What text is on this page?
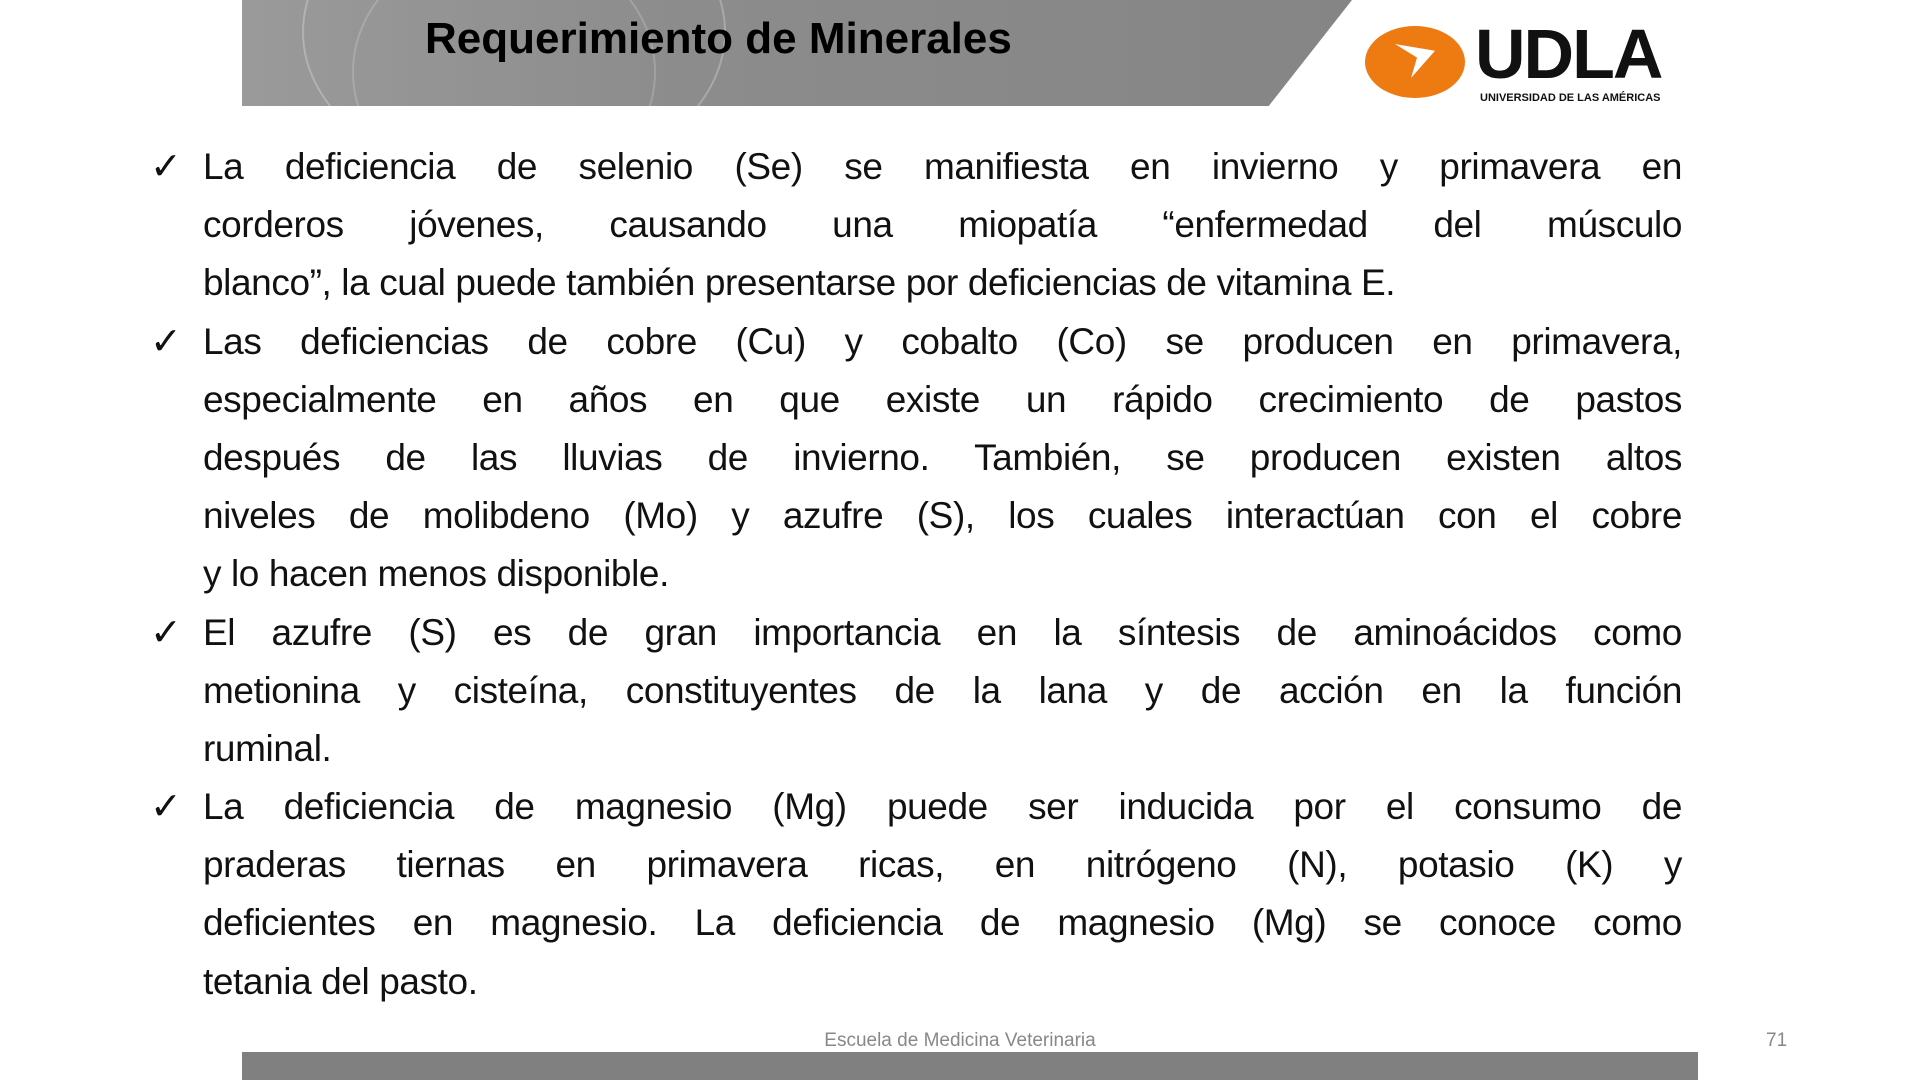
Requerimiento de Minerales	UDLA
UNIVERSIDAD DE LAS AMÉRICAS
✓ La deficiencia de selenio (Se) se manifiesta en invierno y primavera en
corderos jóvenes, causando una miopatía “enfermedad del músculo
blanco”, la cual puede también presentarse por deficiencias de vitamina E.
✓ Las deficiencias de cobre (Cu) y cobalto (Co) se producen en primavera,
especialmente en años en que existe un rápido crecimiento de pastos
después de las lluvias de invierno. También, se producen existen altos
niveles de molibdeno (Mo) y azufre (S), los cuales interactúan con el cobre
y lo hacen menos disponible.
✓ El azufre (S) es de gran importancia en la síntesis de aminoácidos como
metionina y cisteína, constituyentes de la lana y de acción en la función
ruminal.
✓ La deficiencia de magnesio (Mg) puede ser inducida por el consumo de
praderas tiernas en primavera ricas, en nitrógeno (N), potasio (K) y
deficientes en magnesio. La deficiencia de magnesio (Mg) se conoce como
tetania del pasto.
Escuela de Medicina Veterinaria	71
